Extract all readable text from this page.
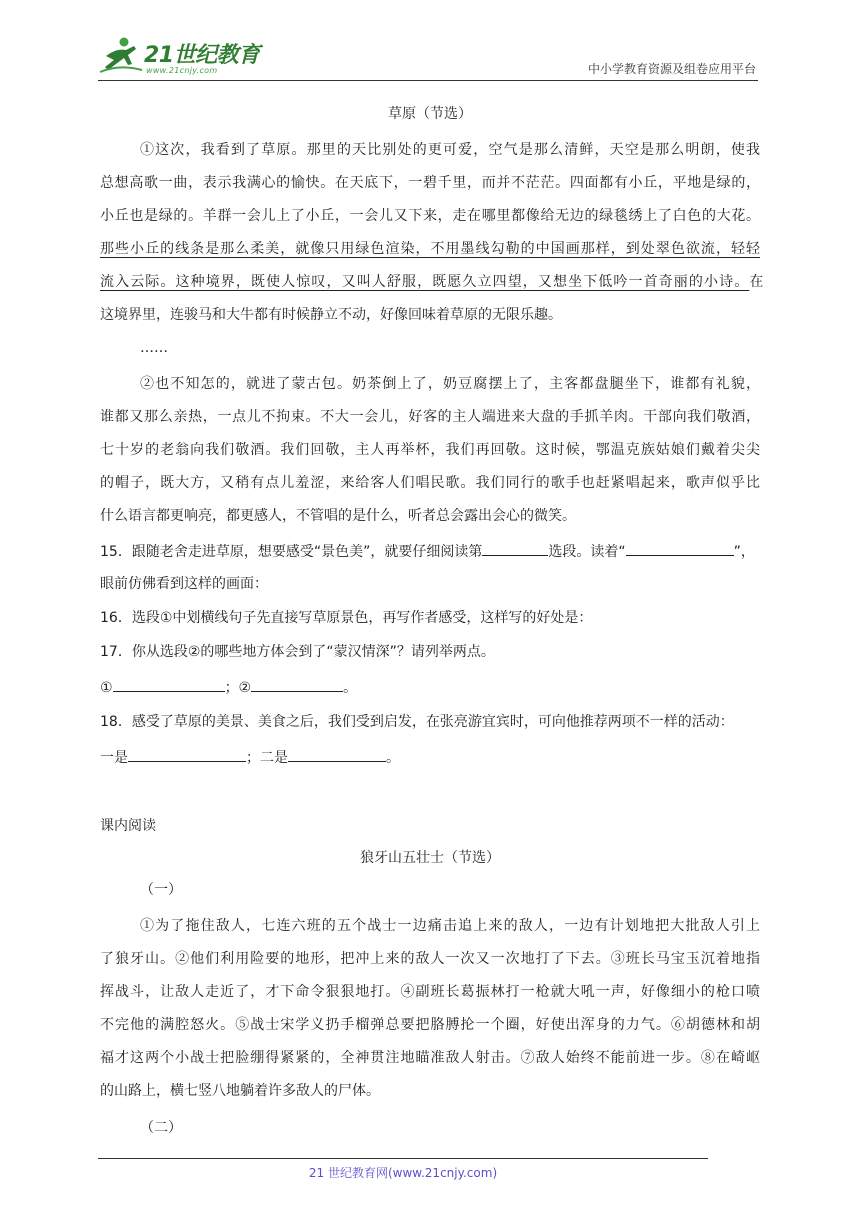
21世纪教育
www.21cnjy.com	中小学教育资源及组卷应用平台
草原（节选）
①这次，我看到了草原。那里的天比别处的更可爱，空气是那么清鲜，天空是那么明朗，使我
总想高歌一曲，表示我满心的愉快。在天底下，一碧千里，而并不茫茫。四面都有小丘，平地是绿的，
小丘也是绿的。羊群一会儿上了小丘，一会儿又下来，走在哪里都像给无边的绿毯绣上了白色的大花。
那些小丘的线条是那么柔美，就像只用绿色渲染，不用墨线勾勒的中国画那样，到处翠色欲流，轻轻
流入云际。这种境界，既使人惊叹，又叫人舒服，既愿久立四望，又想坐下低吟一首奇丽的小诗。在
这境界里，连骏马和大牛都有时候静立不动，好像回味着草原的无限乐趣。
……
②也不知怎的，就进了蒙古包。奶茶倒上了，奶豆腐摆上了，主客都盘腿坐下，谁都有礼貌，
谁都又那么亲热，一点儿不拘束。不大一会儿，好客的主人端进来大盘的手抓羊肉。干部向我们敬酒，
七十岁的老翁向我们敬酒。我们回敬，主人再举杯，我们再回敬。这时候，鄂温克族姑娘们戴着尖尖
的帽子，既大方，又稍有点儿羞涩，来给客人们唱民歌。我们同行的歌手也赶紧唱起来，歌声似乎比
什么语言都更响亮，都更感人，不管唱的是什么，听者总会露出会心的微笑。
15．跟随老舍走进草原，想要感受“景色美”，就要仔细阅读第	选段。读着“	”，
眼前仿佛看到这样的画面：
16．选段①中划横线句子先直接写草原景色，再写作者感受，这样写的好处是：
17．你从选段②的哪些地方体会到了“蒙汉情深”？请列举两点。
①	；②	。
18．感受了草原的美景、美食之后，我们受到启发，在张亮游宜宾时，可向他推荐两项不一样的活动：
一是	；二是	。
课内阅读
狼牙山五壮士（节选）
（一）
①为了拖住敌人，七连六班的五个战士一边痛击追上来的敌人，一边有计划地把大批敌人引上
了狼牙山。②他们利用险要的地形，把冲上来的敌人一次又一次地打了下去。③班长马宝玉沉着地指
挥战斗，让敌人走近了，才下命令狠狠地打。④副班长葛振林打一枪就大吼一声，好像细小的枪口喷
不完他的满腔怒火。⑤战士宋学义扔手榴弹总要把胳膊抡一个圈，好使出浑身的力气。⑥胡德林和胡
福才这两个小战士把脸绷得紧紧的，全神贯注地瞄准敌人射击。⑦敌人始终不能前进一步。⑧在崎岖
的山路上，横七竖八地躺着许多敌人的尸体。
（二）
21 世纪教育网(www.21cnjy.com)
